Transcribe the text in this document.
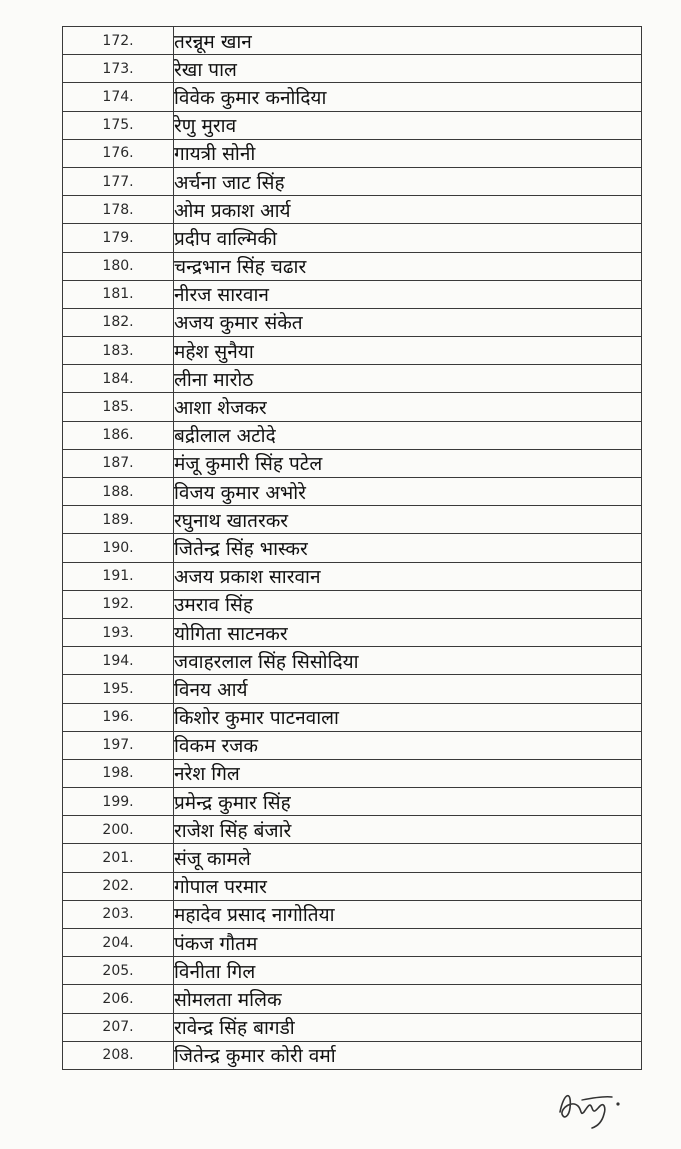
172.	तरन्नूम खान
173.	रेखा पाल
174.	विवेक कुमार कनोदिया
175.	रेणु मुराव
176.	गायत्री सोनी
177.	अर्चना जाट सिंह
178.	ओम प्रकाश आर्य
179.	प्रदीप वाल्मिकी
180.	चन्द्रभान सिंह चढार
181.	नीरज सारवान
182.	अजय कुमार संकेत
183.	महेश सुनैया
184.	लीना मारोठ
185.	आशा शेजकर
186.	बद्रीलाल अटोदे
187.	मंजू कुमारी सिंह पटेल
188.	विजय कुमार अभोरे
189.	रघुनाथ खातरकर
190.	जितेन्द्र सिंह भास्कर
191.	अजय प्रकाश सारवान
192.	उमराव सिंह
193.	योगिता साटनकर
194.	जवाहरलाल सिंह सिसोदिया
195.	विनय आर्य
196.	किशोर कुमार पाटनवाला
197.	विकम रजक
198.	नरेश गिल
199.	प्रमेन्द्र कुमार सिंह
200.	राजेश सिंह बंजारे
201.	संजू कामले
202.	गोपाल परमार
203.	महादेव प्रसाद नागोतिया
204.	पंकज गौतम
205.	विनीता गिल
206.	सोमलता मलिक
207.	रावेन्द्र सिंह बागडी
208.	जितेन्द्र कुमार कोरी वर्मा
